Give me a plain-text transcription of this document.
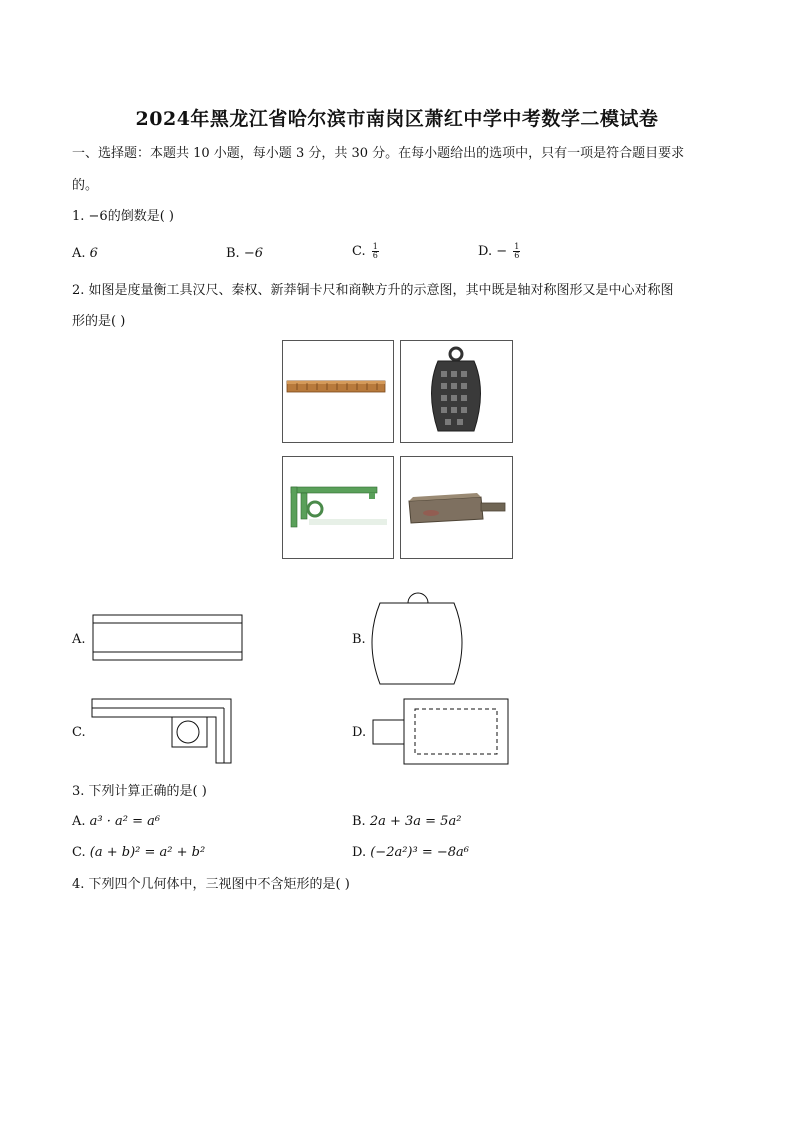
2024年黑龙江省哈尔滨市南岗区萧红中学中考数学二模试卷
一、选择题：本题共 10 小题，每小题 3 分，共 30 分。在每小题给出的选项中，只有一项是符合题目要求
的。
1. −6的倒数是( )
A. 6	B. −6	C. $\frac{1}{6}$	D. − $\frac{1}{6}$
2. 如图是度量衡工具汉尺、秦权、新莽铜卡尺和商鞅方升的示意图，其中既是轴对称图形又是中心对称图
形的是( )
A.	B.
C.	D.
3. 下列计算正确的是( )
A. a³ · a² = a⁶	B. 2a + 3a = 5a²
C. (a + b)² = a² + b²	D. (−2a²)³ = −8a⁶
4. 下列四个几何体中，三视图中不含矩形的是( )
